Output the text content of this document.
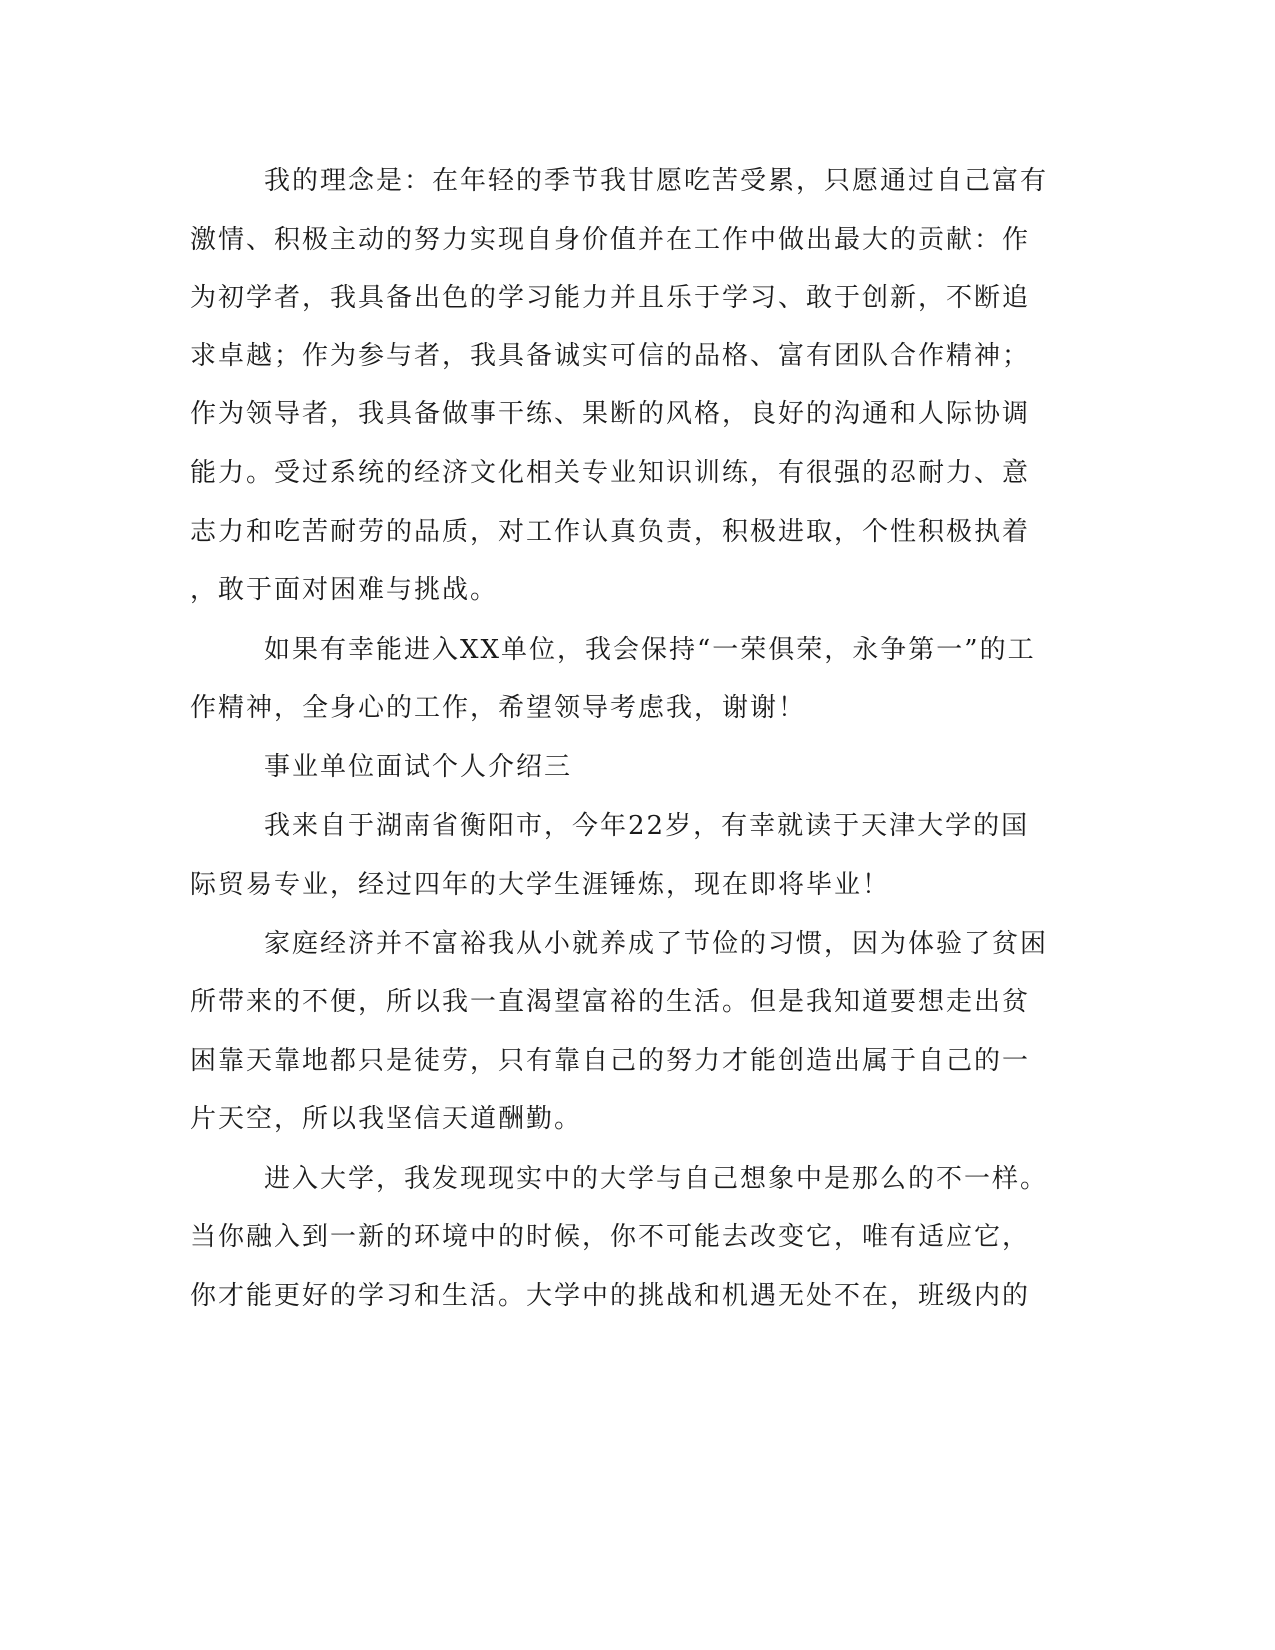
我的理念是：在年轻的季节我甘愿吃苦受累，只愿通过自己富有
激情、积极主动的努力实现自身价值并在工作中做出最大的贡献：作
为初学者，我具备出色的学习能力并且乐于学习、敢于创新，不断追
求卓越；作为参与者，我具备诚实可信的品格、富有团队合作精神；
作为领导者，我具备做事干练、果断的风格，良好的沟通和人际协调
能力。受过系统的经济文化相关专业知识训练，有很强的忍耐力、意
志力和吃苦耐劳的品质，对工作认真负责，积极进取，个性积极执着
，敢于面对困难与挑战。
如果有幸能进入XX单位，我会保持“一荣俱荣，永争第一”的工
作精神，全身心的工作，希望领导考虑我，谢谢！
事业单位面试个人介绍三
我来自于湖南省衡阳市，今年22岁，有幸就读于天津大学的国
际贸易专业，经过四年的大学生涯锤炼，现在即将毕业！
家庭经济并不富裕我从小就养成了节俭的习惯，因为体验了贫困
所带来的不便，所以我一直渴望富裕的生活。但是我知道要想走出贫
困靠天靠地都只是徒劳，只有靠自己的努力才能创造出属于自己的一
片天空，所以我坚信天道酬勤。
进入大学，我发现现实中的大学与自己想象中是那么的不一样。
当你融入到一新的环境中的时候，你不可能去改变它，唯有适应它，
你才能更好的学习和生活。大学中的挑战和机遇无处不在，班级内的
